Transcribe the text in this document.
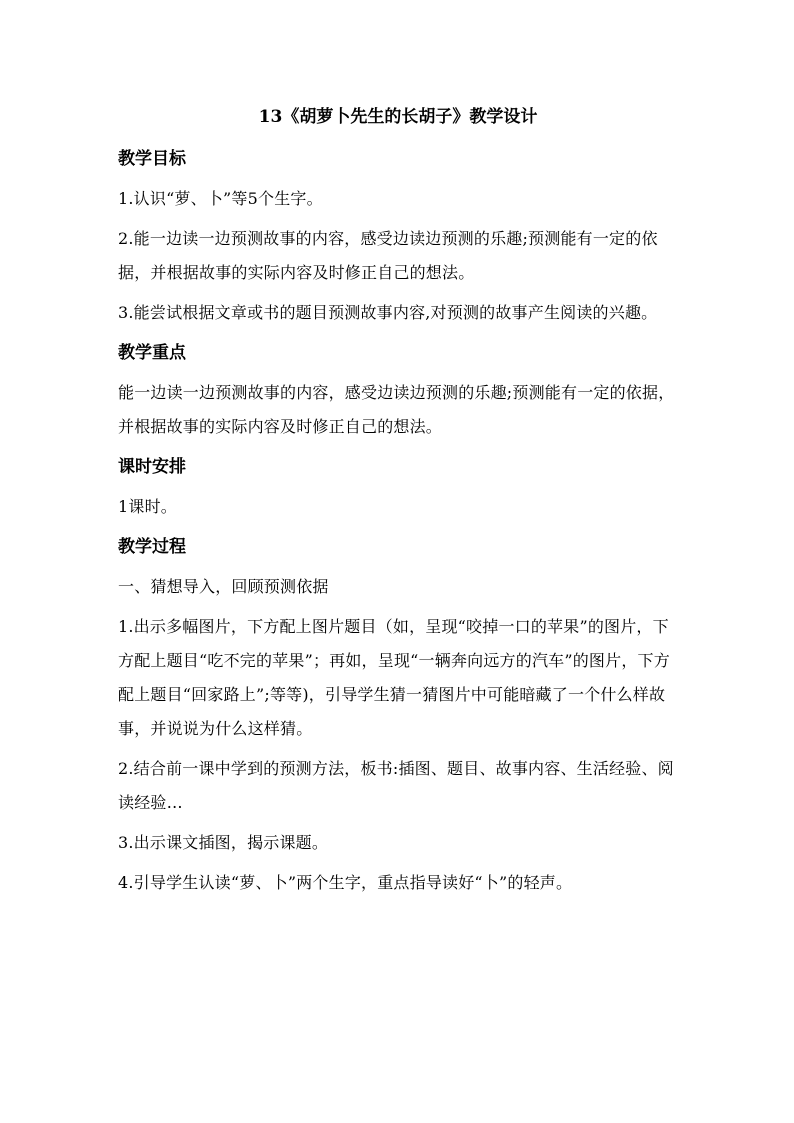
13《胡萝卜先生的长胡子》教学设计
教学目标
1.认识“萝、卜”等5个生字。
2.能一边读一边预测故事的内容，感受边读边预测的乐趣;预测能有一定的依据，并根据故事的实际内容及时修正自己的想法。
3.能尝试根据文章或书的题目预测故事内容,对预测的故事产生阅读的兴趣。
教学重点
能一边读一边预测故事的内容，感受边读边预测的乐趣;预测能有一定的依据，并根据故事的实际内容及时修正自己的想法。
课时安排
1课时。
教学过程
一、猜想导入，回顾预测依据
1.出示多幅图片，下方配上图片题目（如，呈现“咬掉一口的苹果”的图片，下方配上题目“吃不完的苹果”；再如，呈现“一辆奔向远方的汽车”的图片，下方配上题目“回家路上”;等等)，引导学生猜一猜图片中可能暗藏了一个什么样故事，并说说为什么这样猜。
2.结合前一课中学到的预测方法，板书:插图、题目、故事内容、生活经验、阅读经验…
3.出示课文插图，揭示课题。
4.引导学生认读“萝、卜”两个生字，重点指导读好“卜”的轻声。
